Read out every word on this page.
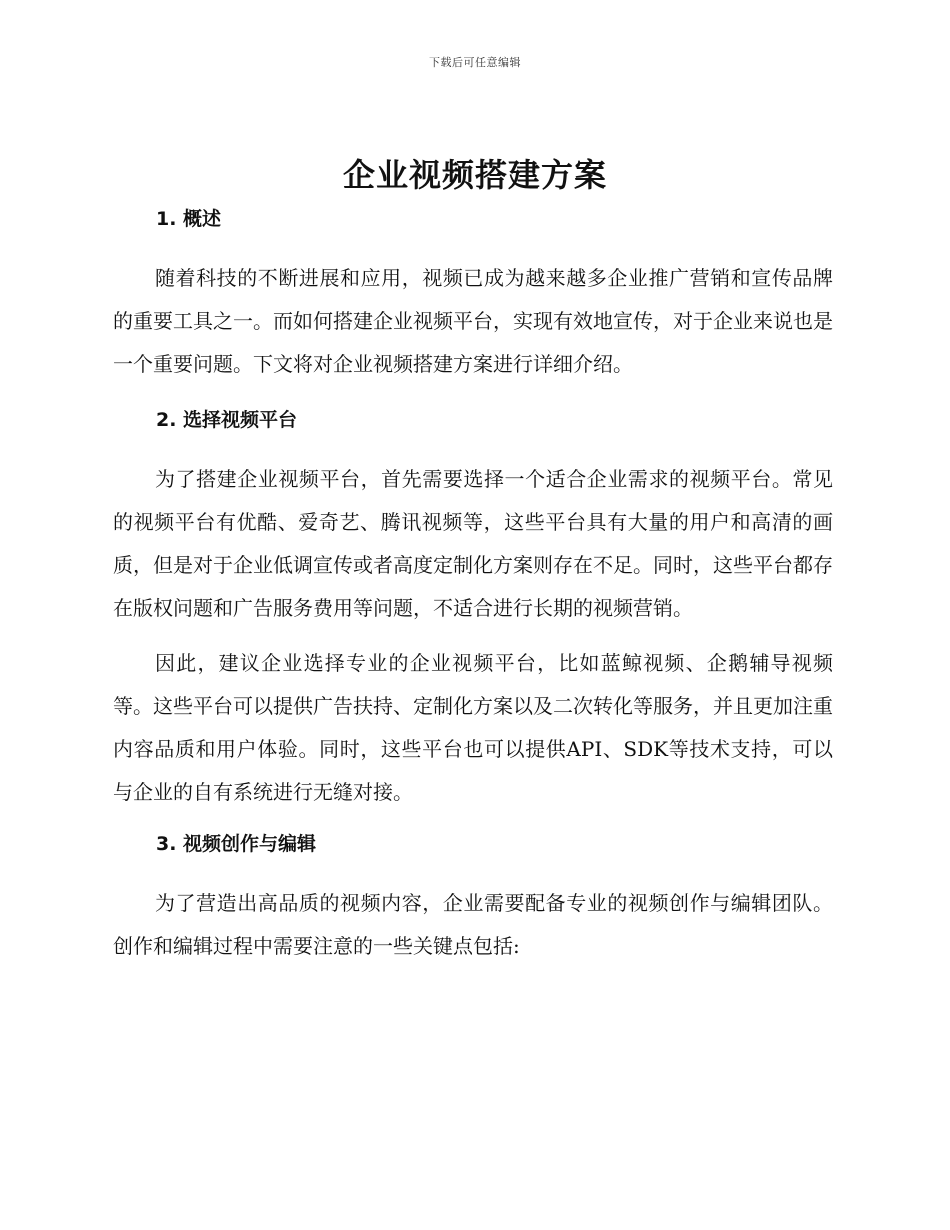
下载后可任意编辑
企业视频搭建方案
1. 概述

随着科技的不断进展和应用，视频已成为越来越多企业推广营销和宣传品牌的重要工具之一。而如何搭建企业视频平台，实现有效地宣传，对于企业来说也是一个重要问题。下文将对企业视频搭建方案进行详细介绍。

2. 选择视频平台

为了搭建企业视频平台，首先需要选择一个适合企业需求的视频平台。常见的视频平台有优酷、爱奇艺、腾讯视频等，这些平台具有大量的用户和高清的画质，但是对于企业低调宣传或者高度定制化方案则存在不足。同时，这些平台都存在版权问题和广告服务费用等问题，不适合进行长期的视频营销。

因此，建议企业选择专业的企业视频平台，比如蓝鲸视频、企鹅辅导视频等。这些平台可以提供广告扶持、定制化方案以及二次转化等服务，并且更加注重内容品质和用户体验。同时，这些平台也可以提供API、SDK等技术支持，可以与企业的自有系统进行无缝对接。

3. 视频创作与编辑

为了营造出高品质的视频内容，企业需要配备专业的视频创作与编辑团队。创作和编辑过程中需要注意的一些关键点包括:
